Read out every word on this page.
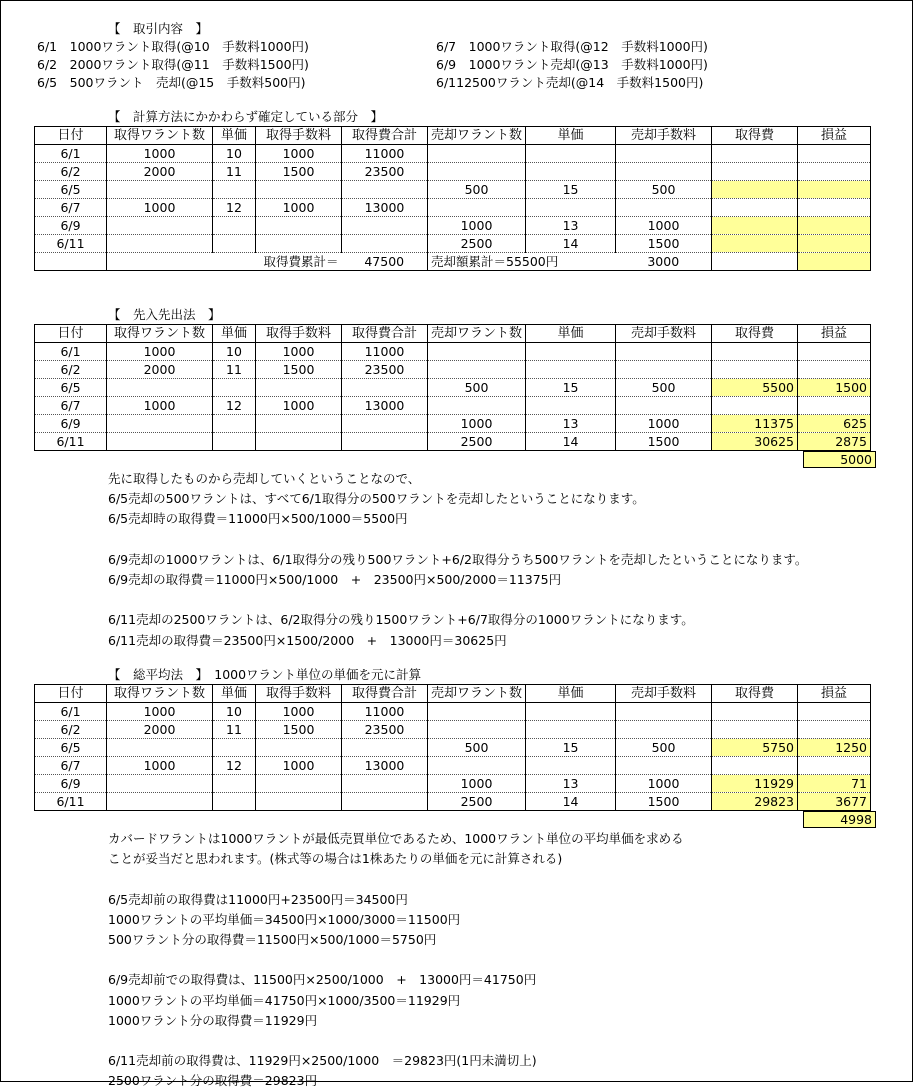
【　取引内容　】
6/1　1000ワラント取得(@10　手数料1000円)
6/2　2000ワラント取得(@11　手数料1500円)
6/5　500ワラント　売却(@15　手数料500円)
6/7　1000ワラント取得(@12　手数料1000円)
6/9　1000ワラント売却(@13　手数料1000円)
6/112500ワラント売却(@14　手数料1500円)
【　計算方法にかかわらず確定している部分　】
日付	取得ワラント数	単価	取得手数料	取得費合計	売却ワラント数	単価	売却手数料	取得費	損益
6/1	1000	10	1000	11000					
6/2	2000	11	1500	23500					
6/5					500	15	500		
6/7	1000	12	1000	13000					
6/9					1000	13	1000		
6/11					2500	14	1500		
	取得費累計＝			47500	売却額累計＝55500円		3000		
【　先入先出法　】
日付	取得ワラント数	単価	取得手数料	取得費合計	売却ワラント数	単価	売却手数料	取得費	損益
6/1	1000	10	1000	11000					
6/2	2000	11	1500	23500					
6/5					500	15	500	5500	1500
6/7	1000	12	1000	13000					
6/9					1000	13	1000	11375	625
6/11					2500	14	1500	30625	2875
5000
先に取得したものから売却していくということなので、
6/5売却の500ワラントは、すべて6/1取得分の500ワラントを売却したということになります。
6/5売却時の取得費＝11000円×500/1000＝5500円
6/9売却の1000ワラントは、6/1取得分の残り500ワラント+6/2取得分うち500ワラントを売却したということになります。
6/9売却の取得費＝11000円×500/1000　+　23500円×500/2000＝11375円
6/11売却の2500ワラントは、6/2取得分の残り1500ワラント+6/7取得分の1000ワラントになります。
6/11売却の取得費＝23500円×1500/2000　+　13000円＝30625円
【　総平均法　】　1000ワラント単位の単価を元に計算
日付	取得ワラント数	単価	取得手数料	取得費合計	売却ワラント数	単価	売却手数料	取得費	損益
6/1	1000	10	1000	11000					
6/2	2000	11	1500	23500					
6/5					500	15	500	5750	1250
6/7	1000	12	1000	13000					
6/9					1000	13	1000	11929	71
6/11					2500	14	1500	29823	3677
4998
カバードワラントは1000ワラントが最低売買単位であるため、1000ワラント単位の平均単価を求める
ことが妥当だと思われます。(株式等の場合は1株あたりの単価を元に計算される)
6/5売却前の取得費は11000円+23500円＝34500円
1000ワラントの平均単価＝34500円×1000/3000＝11500円
500ワラント分の取得費＝11500円×500/1000＝5750円
6/9売却前での取得費は、11500円×2500/1000　+　13000円＝41750円
1000ワラントの平均単価＝41750円×1000/3500＝11929円
1000ワラント分の取得費＝11929円
6/11売却前の取得費は、11929円×2500/1000　＝29823円(1円未満切上)
2500ワラント分の取得費＝29823円
